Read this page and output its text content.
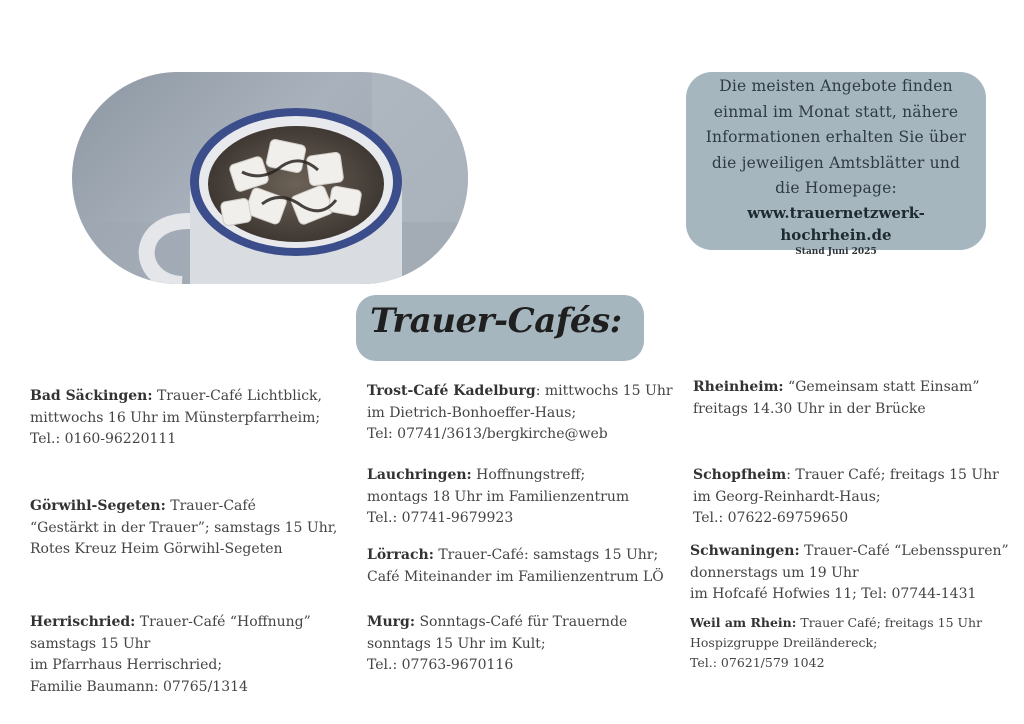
Die meisten Angebote finden
einmal im Monat statt, nähere
Informationen erhalten Sie über
die jeweiligen Amtsblätter und
die Homepage:
www.trauernetzwerk-hochrhein.de
Stand Juni 2025
Trauer-Cafés:
Bad Säckingen: Trauer-Café Lichtblick,
mittwochs 16 Uhr im Münsterpfarrheim;
Tel.: 0160-96220111
Görwihl-Segeten: Trauer-Café
“Gestärkt in der Trauer”; samstags 15 Uhr,
Rotes Kreuz Heim Görwihl-Segeten
Herrischried: Trauer-Café “Hoffnung”
samstags 15 Uhr
im Pfarrhaus Herrischried;
Familie Baumann: 07765/1314
Trost-Café Kadelburg: mittwochs 15 Uhr
im Dietrich-Bonhoeffer-Haus;
Tel: 07741/3613/bergkirche@web
Lauchringen: Hoffnungstreff;
montags 18 Uhr im Familienzentrum
Tel.: 07741-9679923
Lörrach: Trauer-Café: samstags 15 Uhr;
Café Miteinander im Familienzentrum LÖ
Murg: Sonntags-Café für Trauernde
sonntags 15 Uhr im Kult;
Tel.: 07763-9670116
Rheinheim: “Gemeinsam statt Einsam”
freitags 14.30 Uhr in der Brücke
Schopfheim: Trauer Café; freitags 15 Uhr
im Georg-Reinhardt-Haus;
Tel.: 07622-69759650
Schwaningen: Trauer-Café “Lebensspuren”
donnerstags um 19 Uhr
im Hofcafé Hofwies 11; Tel: 07744-1431
Weil am Rhein: Trauer Café; freitags 15 Uhr
Hospizgruppe Dreiländereck;
Tel.: 07621/579 1042
